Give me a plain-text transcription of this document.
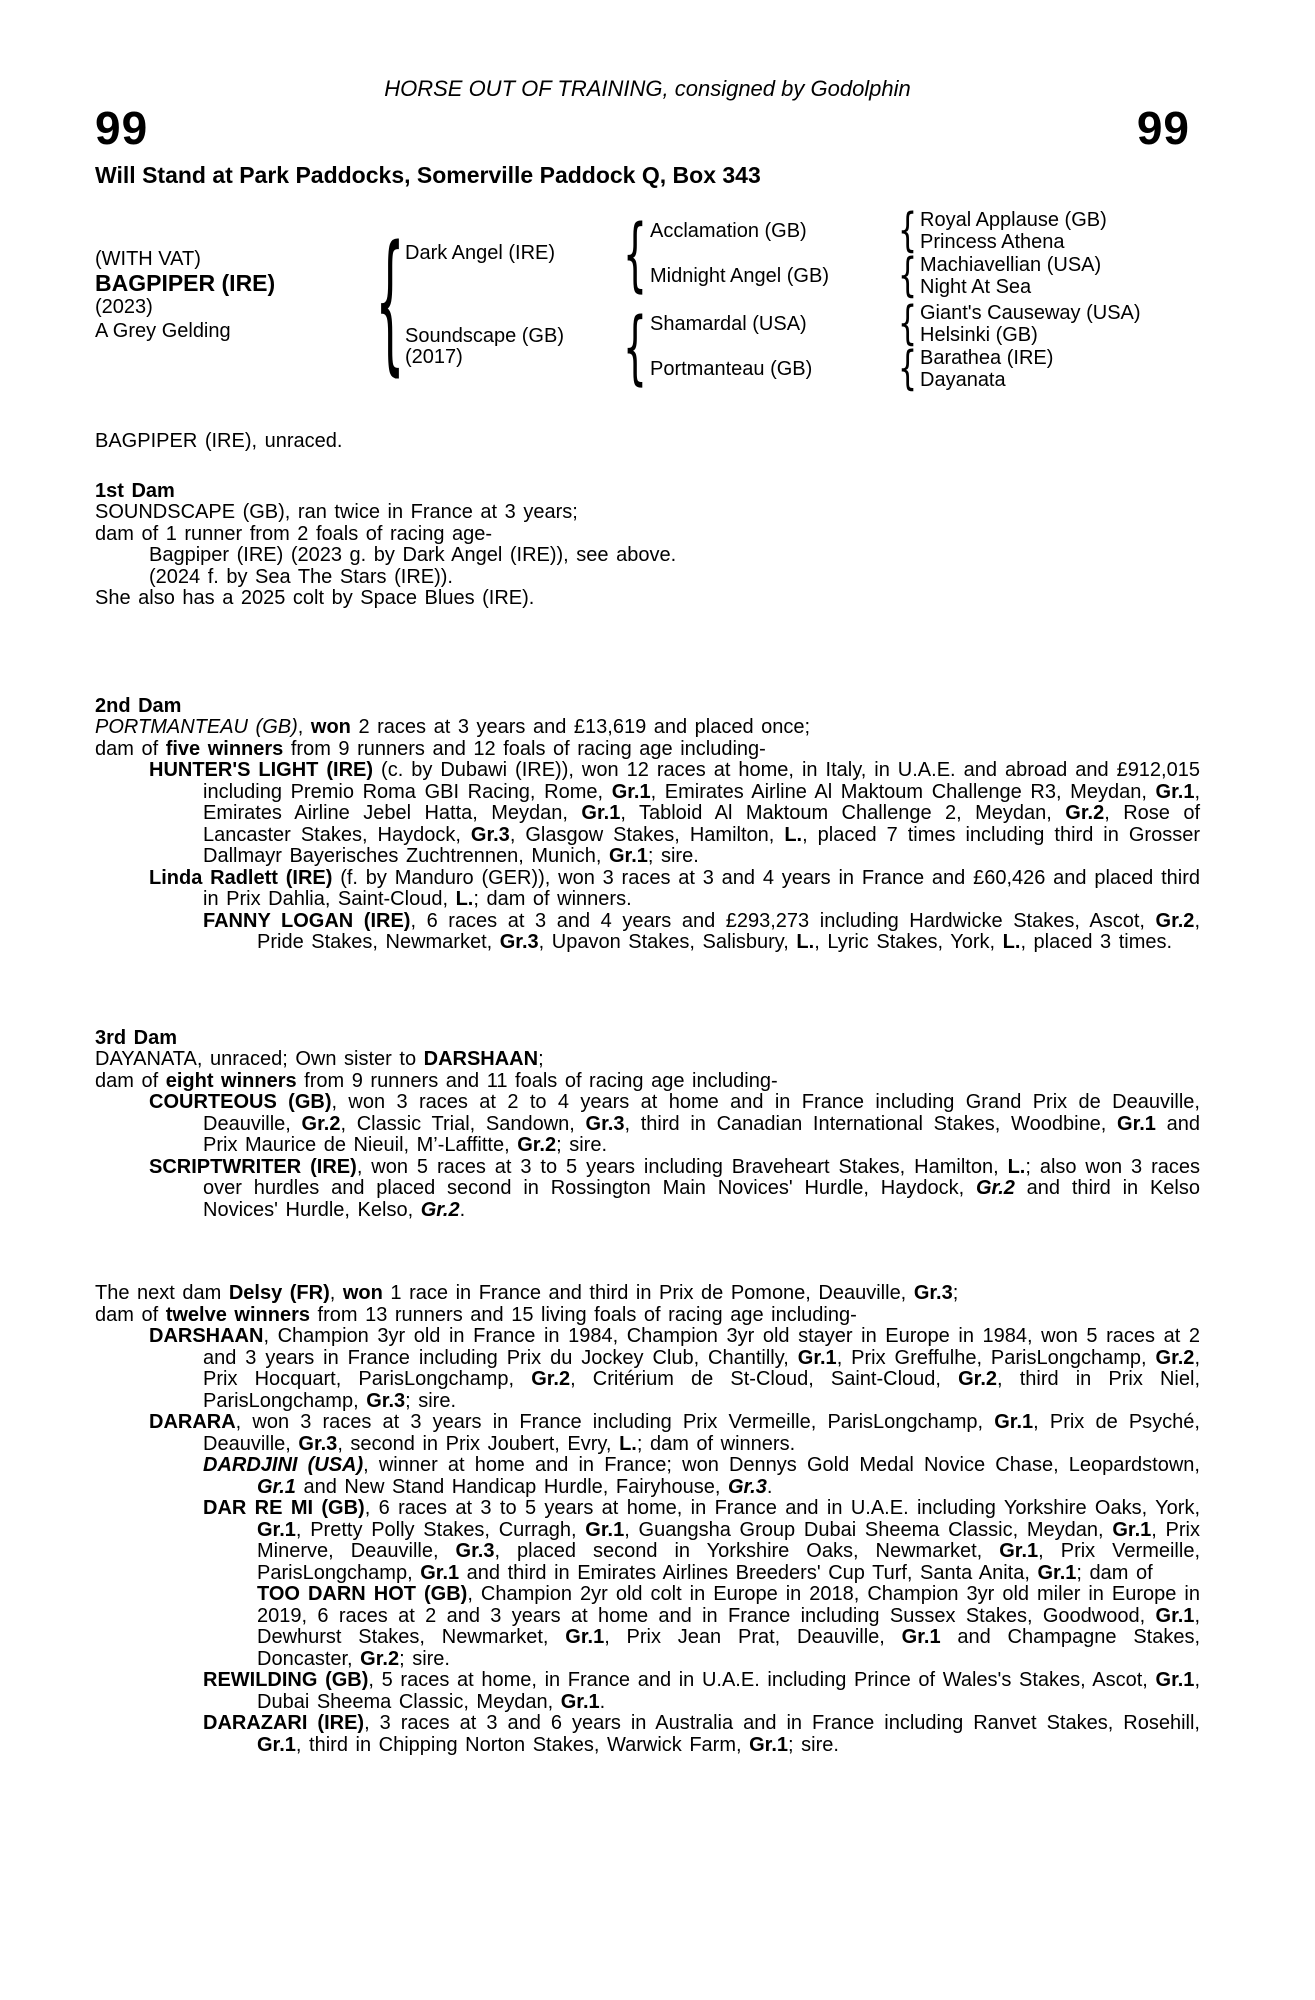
HORSE OUT OF TRAINING, consigned by Godolphin
99	99
Will Stand at Park Paddocks, Somerville Paddock Q, Box 343
(WITH VAT)
BAGPIPER (IRE)
(2023)
A Grey Gelding	{ Dark Angel (IRE)	{ Acclamation (GB)	{ Royal Applause (GB)
Princess Athena
Midnight Angel (GB)	{ Machiavellian (USA)
Night At Sea
Soundscape (GB)
(2017)	{ Shamardal (USA)	{ Giant's Causeway (USA)
Helsinki (GB)
Portmanteau (GB)	{ Barathea (IRE)
Dayanata

BAGPIPER (IRE), unraced.

1st Dam

SOUNDSCAPE (GB), ran twice in France at 3 years;

dam of 1 runner from 2 foals of racing age-

Bagpiper (IRE) (2023 g. by Dark Angel (IRE)), see above.

(2024 f. by Sea The Stars (IRE)).

She also has a 2025 colt by Space Blues (IRE).

2nd Dam

PORTMANTEAU (GB), won 2 races at 3 years and £13,619 and placed once;

dam of five winners from 9 runners and 12 foals of racing age including-

HUNTER'S LIGHT (IRE) (c. by Dubawi (IRE)), won 12 races at home, in Italy, in U.A.E. and abroad and £912,015 including Premio Roma GBI Racing, Rome, Gr.1, Emirates Airline Al Maktoum Challenge R3, Meydan, Gr.1, Emirates Airline Jebel Hatta, Meydan, Gr.1, Tabloid Al Maktoum Challenge 2, Meydan, Gr.2, Rose of Lancaster Stakes, Haydock, Gr.3, Glasgow Stakes, Hamilton, L., placed 7 times including third in Grosser Dallmayr Bayerisches Zuchtrennen, Munich, Gr.1; sire.

Linda Radlett (IRE) (f. by Manduro (GER)), won 3 races at 3 and 4 years in France and £60,426 and placed third in Prix Dahlia, Saint-Cloud, L.; dam of winners.

FANNY LOGAN (IRE), 6 races at 3 and 4 years and £293,273 including Hardwicke Stakes, Ascot, Gr.2, Pride Stakes, Newmarket, Gr.3, Upavon Stakes, Salisbury, L., Lyric Stakes, York, L., placed 3 times.

3rd Dam

DAYANATA, unraced; Own sister to DARSHAAN;

dam of eight winners from 9 runners and 11 foals of racing age including-

COURTEOUS (GB), won 3 races at 2 to 4 years at home and in France including Grand Prix de Deauville, Deauville, Gr.2, Classic Trial, Sandown, Gr.3, third in Canadian International Stakes, Woodbine, Gr.1 and Prix Maurice de Nieuil, M’-Laffitte, Gr.2; sire.

SCRIPTWRITER (IRE), won 5 races at 3 to 5 years including Braveheart Stakes, Hamilton, L.; also won 3 races over hurdles and placed second in Rossington Main Novices' Hurdle, Haydock, Gr.2 and third in Kelso Novices' Hurdle, Kelso, Gr.2.

The next dam Delsy (FR), won 1 race in France and third in Prix de Pomone, Deauville, Gr.3;

dam of twelve winners from 13 runners and 15 living foals of racing age including-

DARSHAAN, Champion 3yr old in France in 1984, Champion 3yr old stayer in Europe in 1984, won 5 races at 2 and 3 years in France including Prix du Jockey Club, Chantilly, Gr.1, Prix Greffulhe, ParisLongchamp, Gr.2, Prix Hocquart, ParisLongchamp, Gr.2, Critérium de St-Cloud, Saint-Cloud, Gr.2, third in Prix Niel, ParisLongchamp, Gr.3; sire.

DARARA, won 3 races at 3 years in France including Prix Vermeille, ParisLongchamp, Gr.1, Prix de Psyché, Deauville, Gr.3, second in Prix Joubert, Evry, L.; dam of winners.

DARDJINI (USA), winner at home and in France; won Dennys Gold Medal Novice Chase, Leopardstown, Gr.1 and New Stand Handicap Hurdle, Fairyhouse, Gr.3.

DAR RE MI (GB), 6 races at 3 to 5 years at home, in France and in U.A.E. including Yorkshire Oaks, York, Gr.1, Pretty Polly Stakes, Curragh, Gr.1, Guangsha Group Dubai Sheema Classic, Meydan, Gr.1, Prix Minerve, Deauville, Gr.3, placed second in Yorkshire Oaks, Newmarket, Gr.1, Prix Vermeille, ParisLongchamp, Gr.1 and third in Emirates Airlines Breeders' Cup Turf, Santa Anita, Gr.1; dam of

TOO DARN HOT (GB), Champion 2yr old colt in Europe in 2018, Champion 3yr old miler in Europe in 2019, 6 races at 2 and 3 years at home and in France including Sussex Stakes, Goodwood, Gr.1, Dewhurst Stakes, Newmarket, Gr.1, Prix Jean Prat, Deauville, Gr.1 and Champagne Stakes, Doncaster, Gr.2; sire.

REWILDING (GB), 5 races at home, in France and in U.A.E. including Prince of Wales's Stakes, Ascot, Gr.1, Dubai Sheema Classic, Meydan, Gr.1.

DARAZARI (IRE), 3 races at 3 and 6 years in Australia and in France including Ranvet Stakes, Rosehill, Gr.1, third in Chipping Norton Stakes, Warwick Farm, Gr.1; sire.
